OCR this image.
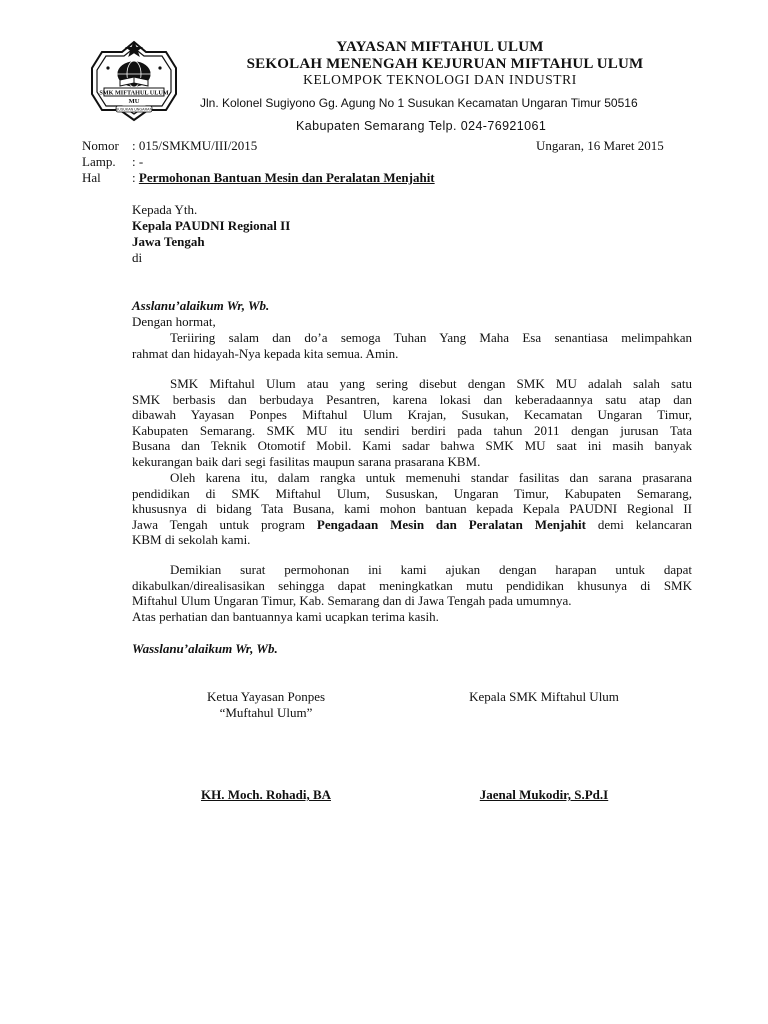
SMK MIFTAHUL ULUM
MU
SUSUKAN UNGARAN
YAYASAN MIFTAHUL ULUM
SEKOLAH MENENGAH KEJURUAN MIFTAHUL ULUM
KELOMPOK TEKNOLOGI DAN INDUSTRI
Jln. Kolonel Sugiyono Gg. Agung No 1 Susukan Kecamatan Ungaran Timur 50516
Kabupaten Semarang Telp. 024-76921061
Nomor : 015/SMKMU/III/2015	Ungaran, 16 Maret 2015
Lamp. : -
Hal : Permohonan Bantuan Mesin dan Peralatan Menjahit
Kepada Yth.
Kepala PAUDNI Regional II
Jawa Tengah
di
Asslanu’alaikum Wr, Wb.
Dengan hormat,
Teriiring salam dan do’a semoga Tuhan Yang Maha Esa senantiasa melimpahkan
rahmat dan hidayah-Nya kepada kita semua. Amin.
SMK Miftahul Ulum atau yang sering disebut dengan SMK MU adalah salah satu
SMK berbasis dan berbudaya Pesantren, karena lokasi dan keberadaannya satu atap dan
dibawah Yayasan Ponpes Miftahul Ulum Krajan, Susukan, Kecamatan Ungaran Timur,
Kabupaten Semarang. SMK MU itu sendiri berdiri pada tahun 2011 dengan jurusan Tata
Busana dan Teknik Otomotif Mobil. Kami sadar bahwa SMK MU saat ini masih banyak
kekurangan baik dari segi fasilitas maupun sarana prasarana KBM.
Oleh karena itu, dalam rangka untuk memenuhi standar fasilitas dan sarana prasarana
pendidikan di SMK Miftahul Ulum, Sususkan, Ungaran Timur, Kabupaten Semarang,
khususnya di bidang Tata Busana, kami mohon bantuan kepada Kepala PAUDNI Regional II
Jawa Tengah untuk program Pengadaan Mesin dan Peralatan Menjahit demi kelancaran
KBM di sekolah kami.
Demikian surat permohonan ini kami ajukan dengan harapan untuk dapat
dikabulkan/direalisasikan sehingga dapat meningkatkan mutu pendidikan khusunya di SMK
Miftahul Ulum Ungaran Timur, Kab. Semarang dan di Jawa Tengah pada umumnya.
Atas perhatian dan bantuannya kami ucapkan terima kasih.
Wasslanu’alaikum Wr, Wb.
Ketua Yayasan Ponpes
“Muftahul Ulum”
KH. Moch. Rohadi, BA
Kepala SMK Miftahul Ulum
Jaenal Mukodir, S.Pd.I
